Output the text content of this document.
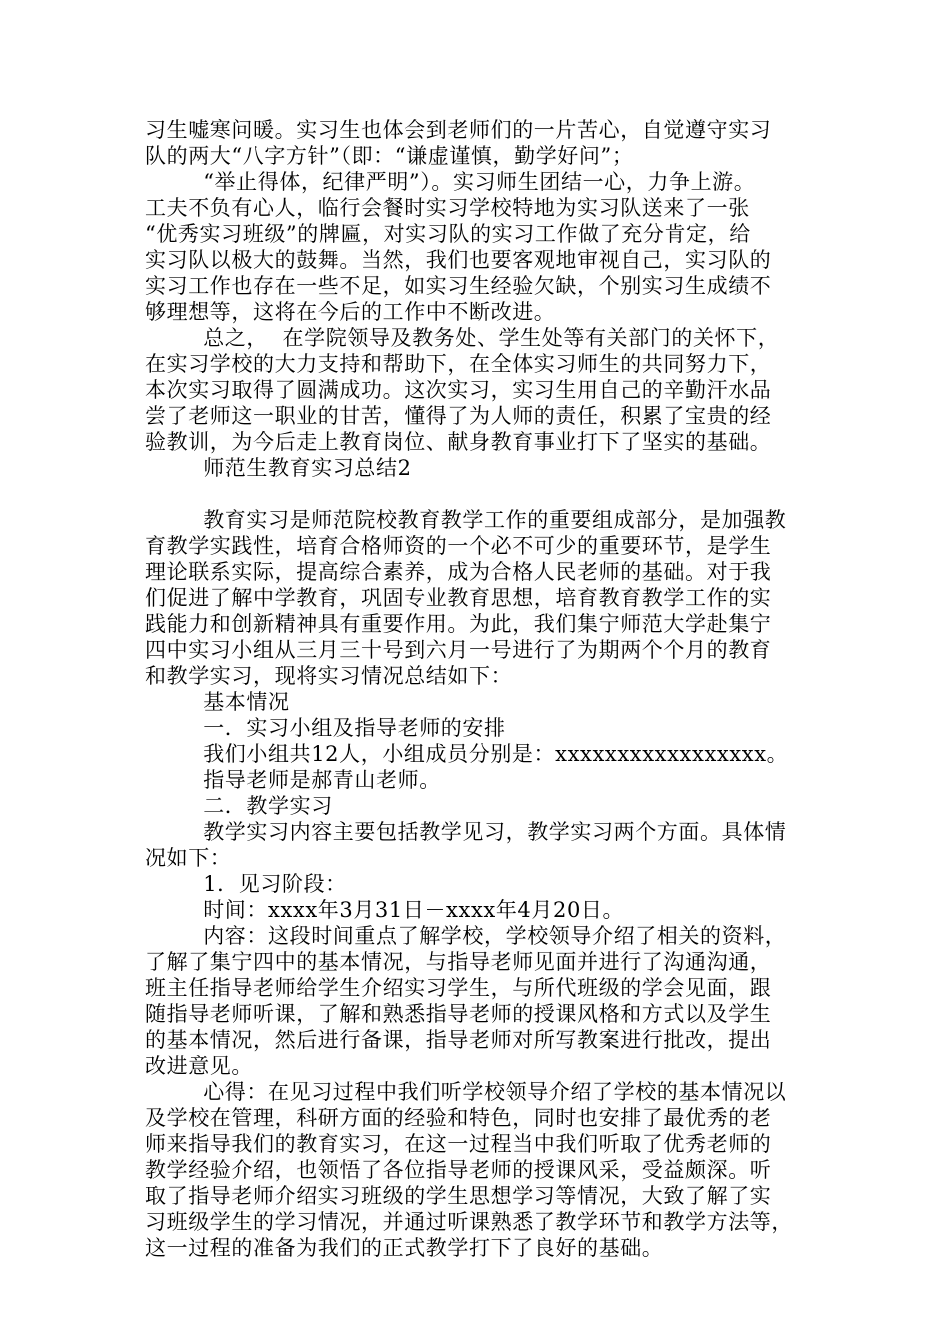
习生嘘寒问暖。实习生也体会到老师们的一片苦心，自觉遵守实习
队的两大“八字方针”（即：“谦虚谨慎，勤学好问”；
“举止得体，纪律严明”）。实习师生团结一心，力争上游。
工夫不负有心人，临行会餐时实习学校特地为实习队送来了一张
“优秀实习班级”的牌匾，对实习队的实习工作做了充分肯定，给
实习队以极大的鼓舞。当然，我们也要客观地审视自己，实习队的
实习工作也存在一些不足，如实习生经验欠缺，个别实习生成绩不
够理想等，这将在今后的工作中不断改进。
总之，  在学院领导及教务处、学生处等有关部门的关怀下，
在实习学校的大力支持和帮助下，在全体实习师生的共同努力下，
本次实习取得了圆满成功。这次实习，实习生用自己的辛勤汗水品
尝了老师这一职业的甘苦，懂得了为人师的责任，积累了宝贵的经
验教训，为今后走上教育岗位、献身教育事业打下了坚实的基础。
师范生教育实习总结2
教育实习是师范院校教育教学工作的重要组成部分，是加强教
育教学实践性，培育合格师资的一个必不可少的重要环节，是学生
理论联系实际，提高综合素养，成为合格人民老师的基础。对于我
们促进了解中学教育，巩固专业教育思想，培育教育教学工作的实
践能力和创新精神具有重要作用。为此，我们集宁师范大学赴集宁
四中实习小组从三月三十号到六月一号进行了为期两个个月的教育
和教学实习，现将实习情况总结如下：
基本情况
一．实习小组及指导老师的安排
我们小组共12人，小组成员分别是：xxxxxxxxxxxxxxxxx。
指导老师是郝青山老师。
二．教学实习
教学实习内容主要包括教学见习，教学实习两个方面。具体情
况如下：
1．见习阶段：
时间：xxxx年3月31日－xxxx年4月20日。
内容：这段时间重点了解学校，学校领导介绍了相关的资料，
了解了集宁四中的基本情况，与指导老师见面并进行了沟通沟通，
班主任指导老师给学生介绍实习学生，与所代班级的学会见面，跟
随指导老师听课，了解和熟悉指导老师的授课风格和方式以及学生
的基本情况，然后进行备课，指导老师对所写教案进行批改，提出
改进意见。
心得：在见习过程中我们听学校领导介绍了学校的基本情况以
及学校在管理，科研方面的经验和特色，同时也安排了最优秀的老
师来指导我们的教育实习，在这一过程当中我们听取了优秀老师的
教学经验介绍，也领悟了各位指导老师的授课风采，受益颇深。听
取了指导老师介绍实习班级的学生思想学习等情况，大致了解了实
习班级学生的学习情况，并通过听课熟悉了教学环节和教学方法等，
这一过程的准备为我们的正式教学打下了良好的基础。
